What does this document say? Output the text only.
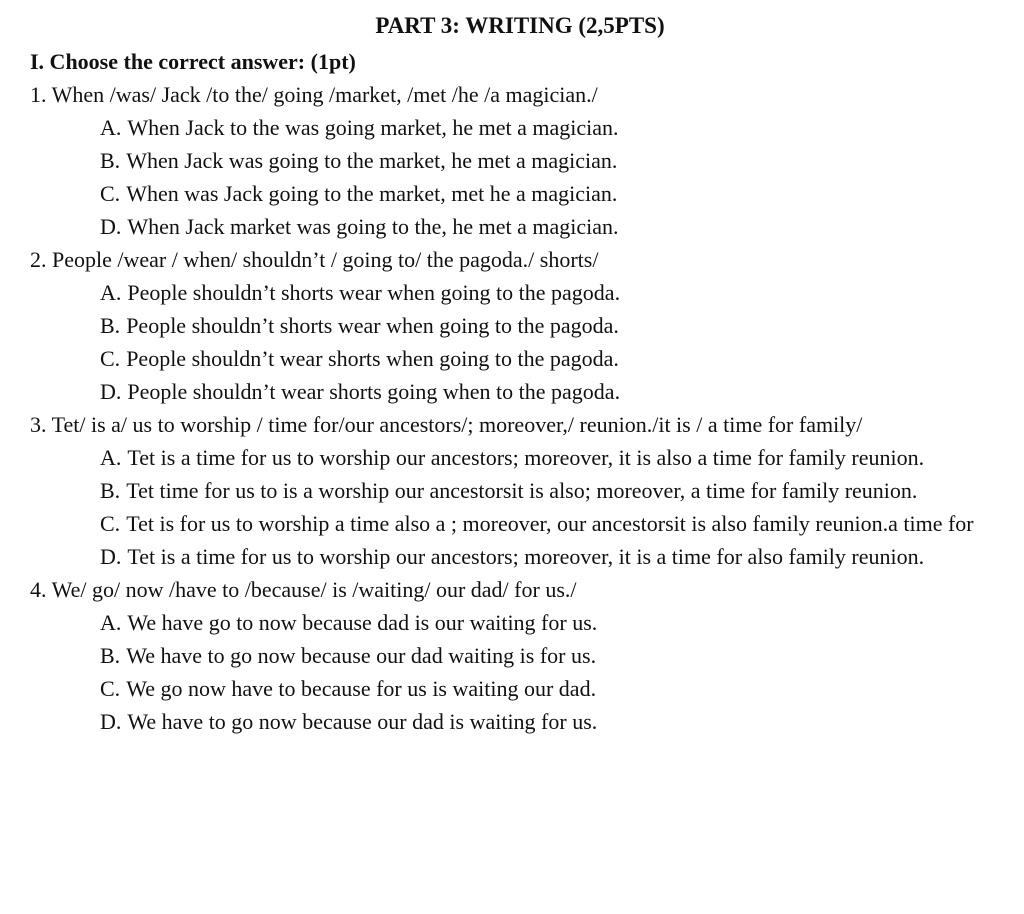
PART 3: WRITING (2,5PTS)
I. Choose the correct answer: (1pt)
1. When /was/ Jack /to the/ going /market, /met /he /a magician./
A. When Jack to the was going market, he met a magician.
B. When Jack was going to the market, he met a magician.
C. When was Jack going to the market, met he a magician.
D. When Jack market was going to the, he met a magician.
2. People /wear / when/ shouldn’t / going to/ the pagoda./ shorts/
A. People shouldn’t shorts wear when going to the pagoda.
B. People shouldn’t shorts wear when going to the pagoda.
C. People shouldn’t wear shorts when going to the pagoda.
D. People shouldn’t wear shorts going when to the pagoda.
3. Tet/ is a/ us to worship / time for/our ancestors/; moreover,/ reunion./it is / a time for family/
A. Tet is a time for us to worship our ancestors; moreover, it is also a time for family reunion.
B. Tet time for us to is a worship our ancestorsit is also; moreover, a time for family reunion.
C. Tet is for us to worship a time also a ; moreover, our ancestorsit is also family reunion.a time for
D. Tet is a time for us to worship our ancestors; moreover, it is a time for also family reunion.
4. We/ go/ now /have to /because/ is /waiting/ our dad/ for us./
A. We have go to now because dad is our waiting for us.
B. We have to go now because our dad waiting is for us.
C. We go now have to because for us is waiting our dad.
D. We have to go now because our dad is waiting for us.
